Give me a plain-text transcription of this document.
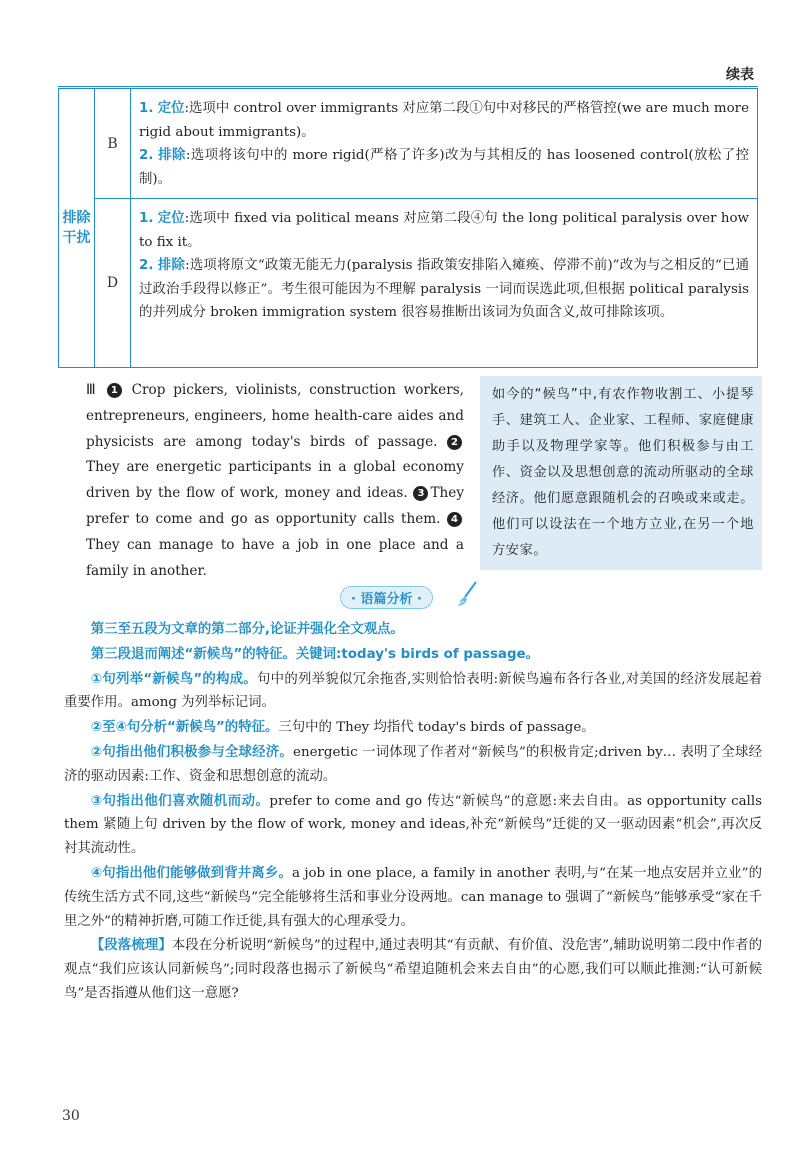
续表
排除干扰
B
1. 定位:选项中 control over immigrants 对应第二段①句中对移民的严格管控(we are much more rigid about immigrants)。
2. 排除:选项将该句中的 more rigid(严格了许多)改为与其相反的 has loosened control(放松了控制)。
D
1. 定位:选项中 fixed via political means 对应第二段④句 the long political paralysis over how to fix it。
2. 排除:选项将原文“政策无能无力(paralysis 指政策安排陷入瘫痪、停滞不前)”改为与之相反的“已通过政治手段得以修正”。考生很可能因为不理解 paralysis 一词而误选此项,但根据 political paralysis 的并列成分 broken immigration system 很容易推断出该词为负面含义,故可排除该项。
Ⅲ 1 Crop pickers, violinists, construction workers, entrepreneurs, engineers, home health-care aides and physicists are among today's birds of passage. 2 They are energetic participants in a global economy driven by the flow of work, money and ideas. 3 They prefer to come and go as opportunity calls them. 4They can manage to have a job in one place and a family in another.
如今的“候鸟”中,有农作物收割工、小提琴手、建筑工人、企业家、工程师、家庭健康助手以及物理学家等。他们积极参与由工作、资金以及思想创意的流动所驱动的全球经济。他们愿意跟随机会的召唤或来或走。他们可以设法在一个地方立业,在另一个地方安家。
· 语篇分析 ·

第三至五段为文章的第二部分,论证并强化全文观点。

第三段退而阐述“新候鸟”的特征。关键词:today's birds of passage。

①句列举“新候鸟”的构成。句中的列举貌似冗余拖沓,实则恰恰表明:新候鸟遍布各行各业,对美国的经济发展起着重要作用。among 为列举标记词。

②至④句分析“新候鸟”的特征。三句中的 They 均指代 today's birds of passage。

②句指出他们积极参与全球经济。energetic 一词体现了作者对“新候鸟”的积极肯定;driven by… 表明了全球经济的驱动因素:工作、资金和思想创意的流动。

③句指出他们喜欢随机而动。prefer to come and go 传达“新候鸟”的意愿:来去自由。as opportunity calls them 紧随上句 driven by the flow of work, money and ideas,补充“新候鸟”迁徙的又一驱动因素“机会”,再次反衬其流动性。

④句指出他们能够做到背井离乡。a job in one place, a family in another 表明,与“在某一地点安居并立业”的传统生活方式不同,这些“新候鸟”完全能够将生活和事业分设两地。can manage to 强调了“新候鸟”能够承受“家在千里之外”的精神折磨,可随工作迁徙,具有强大的心理承受力。

【段落梳理】本段在分析说明“新候鸟”的过程中,通过表明其“有贡献、有价值、没危害”,辅助说明第二段中作者的观点“我们应该认同新候鸟”;同时段落也揭示了新候鸟“希望追随机会来去自由”的心愿,我们可以顺此推测:“认可新候鸟”是否指遵从他们这一意愿?

30
